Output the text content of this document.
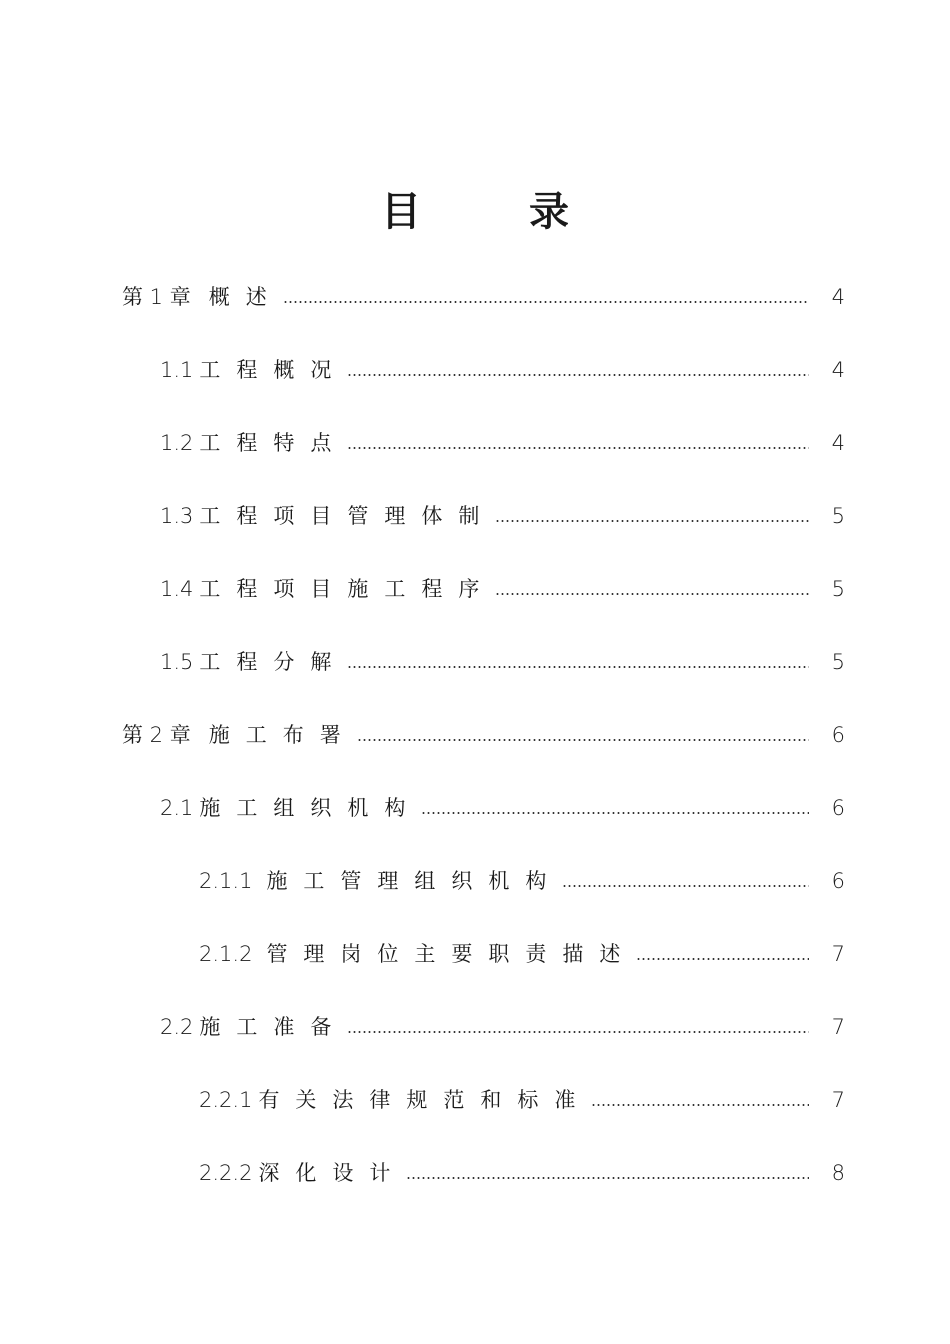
目	录
第 1 章 概述	4
1.1 工程概况	4
1.2 工程特点	4
1.3 工程项目管理体制	5
1.4 工程项目施工程序	5
1.5 工程分解	5
第 2 章 施工布署	6
2.1 施工组织机构	6
2.1.1 施工管理组织机构	6
2.1.2 管理岗位主要职责描述	7
2.2 施工准备	7
2.2.1 有关法律规范和标准	7
2.2.2 深化设计	8
